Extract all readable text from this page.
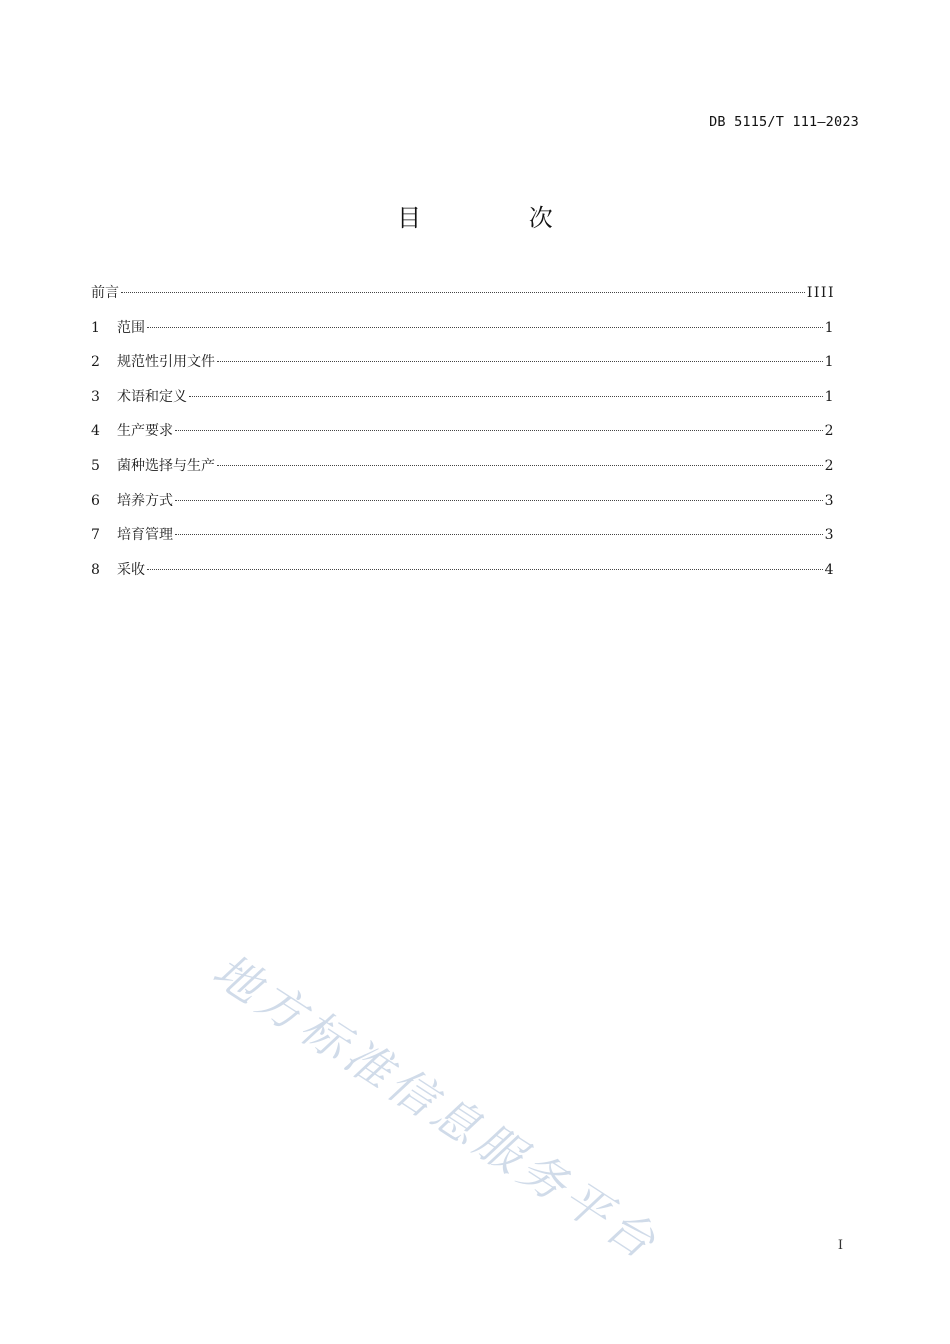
DB 5115/T 111—2023
目 次
前言	IIII
1	范围	1
2	规范性引用文件	1
3	术语和定义	1
4	生产要求	2
5	菌种选择与生产	2
6	培养方式	3
7	培育管理	3
8	采收	4
地方标准信息服务平台	I
